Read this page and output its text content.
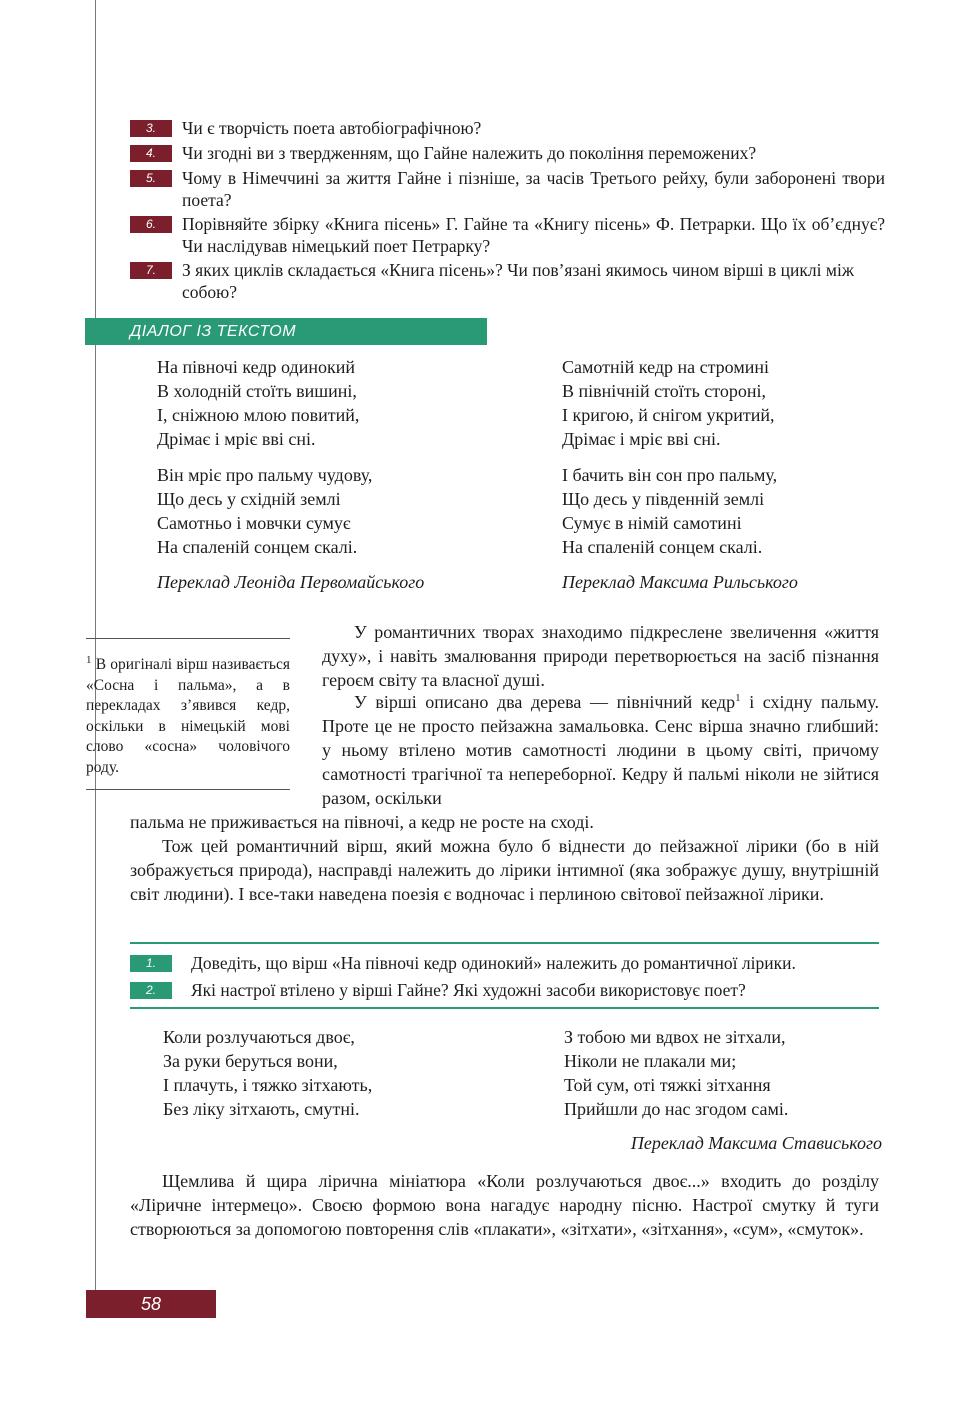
3.	Чи є творчість поета автобіографічною?
4.	Чи згодні ви з твердженням, що Гайне належить до покоління переможених?
5.	Чому в Німеччині за життя Гайне і пізніше, за часів Третього рейху, були заборонені твори поета?
6.	Порівняйте збірку «Книга пісень» Г. Гайне та «Книгу пісень» Ф. Петрарки. Що їх об’єднує? Чи наслідував німецький поет Петрарку?
7.	З яких циклів складається «Книга пісень»? Чи пов’язані якимось чином вірші в циклі між собою?
ДІАЛОГ ІЗ ТЕКСТОМ
На півночі кедр одинокий
В холодній стоїть вишині,
І, сніжною млою повитий,
Дрімає і мріє вві сні.
Він мріє про пальму чудову,
Що десь у східній землі
Самотньо і мовчки сумує
На спаленій сонцем скалі.
Переклад Леоніда Первомайського
Самотній кедр на стромині
В північній стоїть стороні,
І кригою, й снігом укритий,
Дрімає і мріє вві сні.
І бачить він сон про пальму,
Що десь у південній землі
Сумує в німій самотині
На спаленій сонцем скалі.
Переклад Максима Рильського
$^1$ В оригіналі вірш називається «Сосна і пальма», а в перекладах з’явився кедр, оскільки в німецькій мові слово «сосна» чоловічого роду.

У романтичних творах знаходимо підкреслене звеличення «життя духу», і навіть змалювання природи перетворюється на засіб пізнання героєм світу та власної душі.

У вірші описано два дерева — північний кедр$^1$ і східну пальму. Проте це не просто пейзажна замальовка. Сенс вірша значно глибший: у ньому втілено мотив самотності людини в цьому світі, причому самотності трагічної та непереборної. Кедру й пальмі ніколи не зійтися разом, оскільки

пальма не приживається на півночі, а кедр не росте на сході.

Тож цей романтичний вірш, який можна було б віднести до пейзажної лірики (бо в ній зображується природа), насправді належить до лірики інтимної (яка зображує душу, внутрішній світ людини). І все-таки наведена поезія є водночас і перлиною світової пейзажної лірики.

1.	Доведіть, що вірш «На півночі кедр одинокий» належить до романтичної лірики.
2.	Які настрої втілено у вірші Гайне? Які художні засоби використовує поет?
Коли розлучаються двоє,
За руки беруться вони,
І плачуть, і тяжко зітхають,
Без ліку зітхають, смутні.
З тобою ми вдвох не зітхали,
Ніколи не плакали ми;
Той сум, оті тяжкі зітхання
Прийшли до нас згодом самі.
Переклад Максима Стависького

Щемлива й щира лірична мініатюра «Коли розлучаються двоє...» входить до розділу «Ліричне інтермецо». Своєю формою вона нагадує народну пісню. Настрої смутку й туги створюються за допомогою повторення слів «плакати», «зітхати», «зітхання», «сум», «смуток».

58
